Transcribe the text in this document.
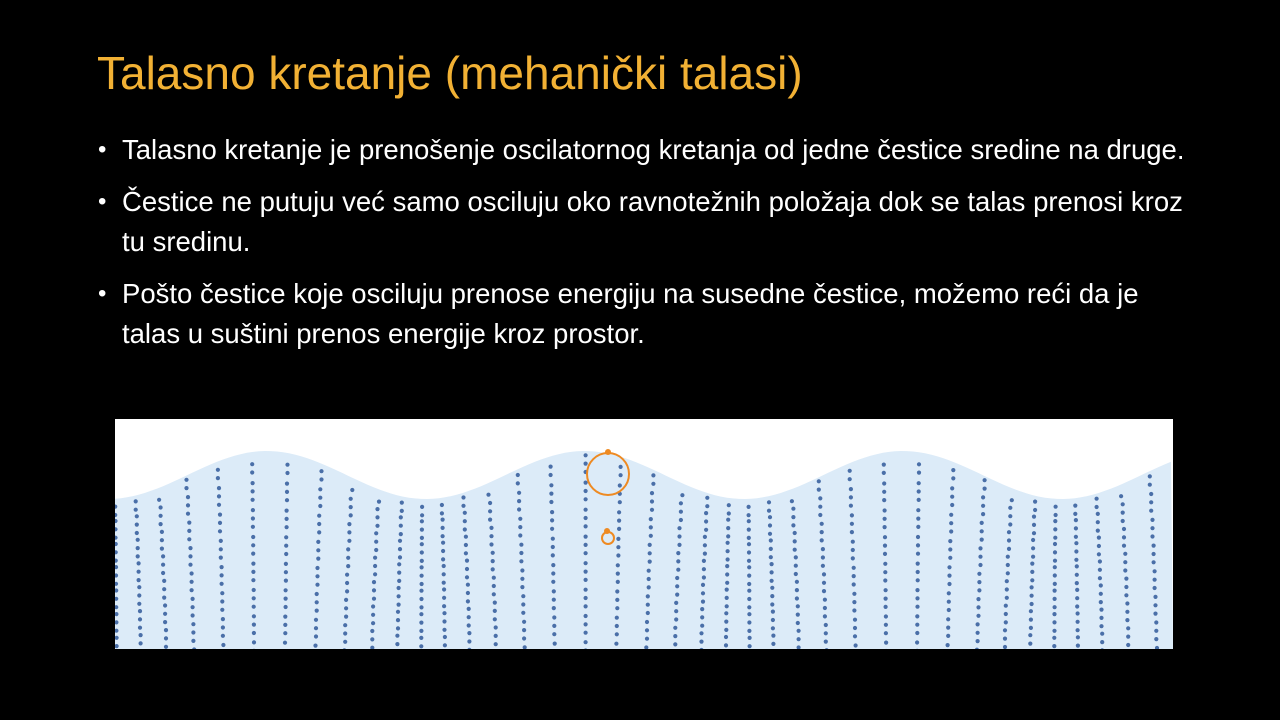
Talasno kretanje (mehanički talasi)
• Talasno kretanje je prenošenje oscilatornog kretanja od jedne čestice sredine na druge.
• Čestice ne putuju već samo osciluju oko ravnotežnih položaja dok se talas prenosi kroz tu sredinu.
• Pošto čestice koje osciluju prenose energiju na susedne čestice, možemo reći da je talas u suštini prenos energije kroz prostor.
